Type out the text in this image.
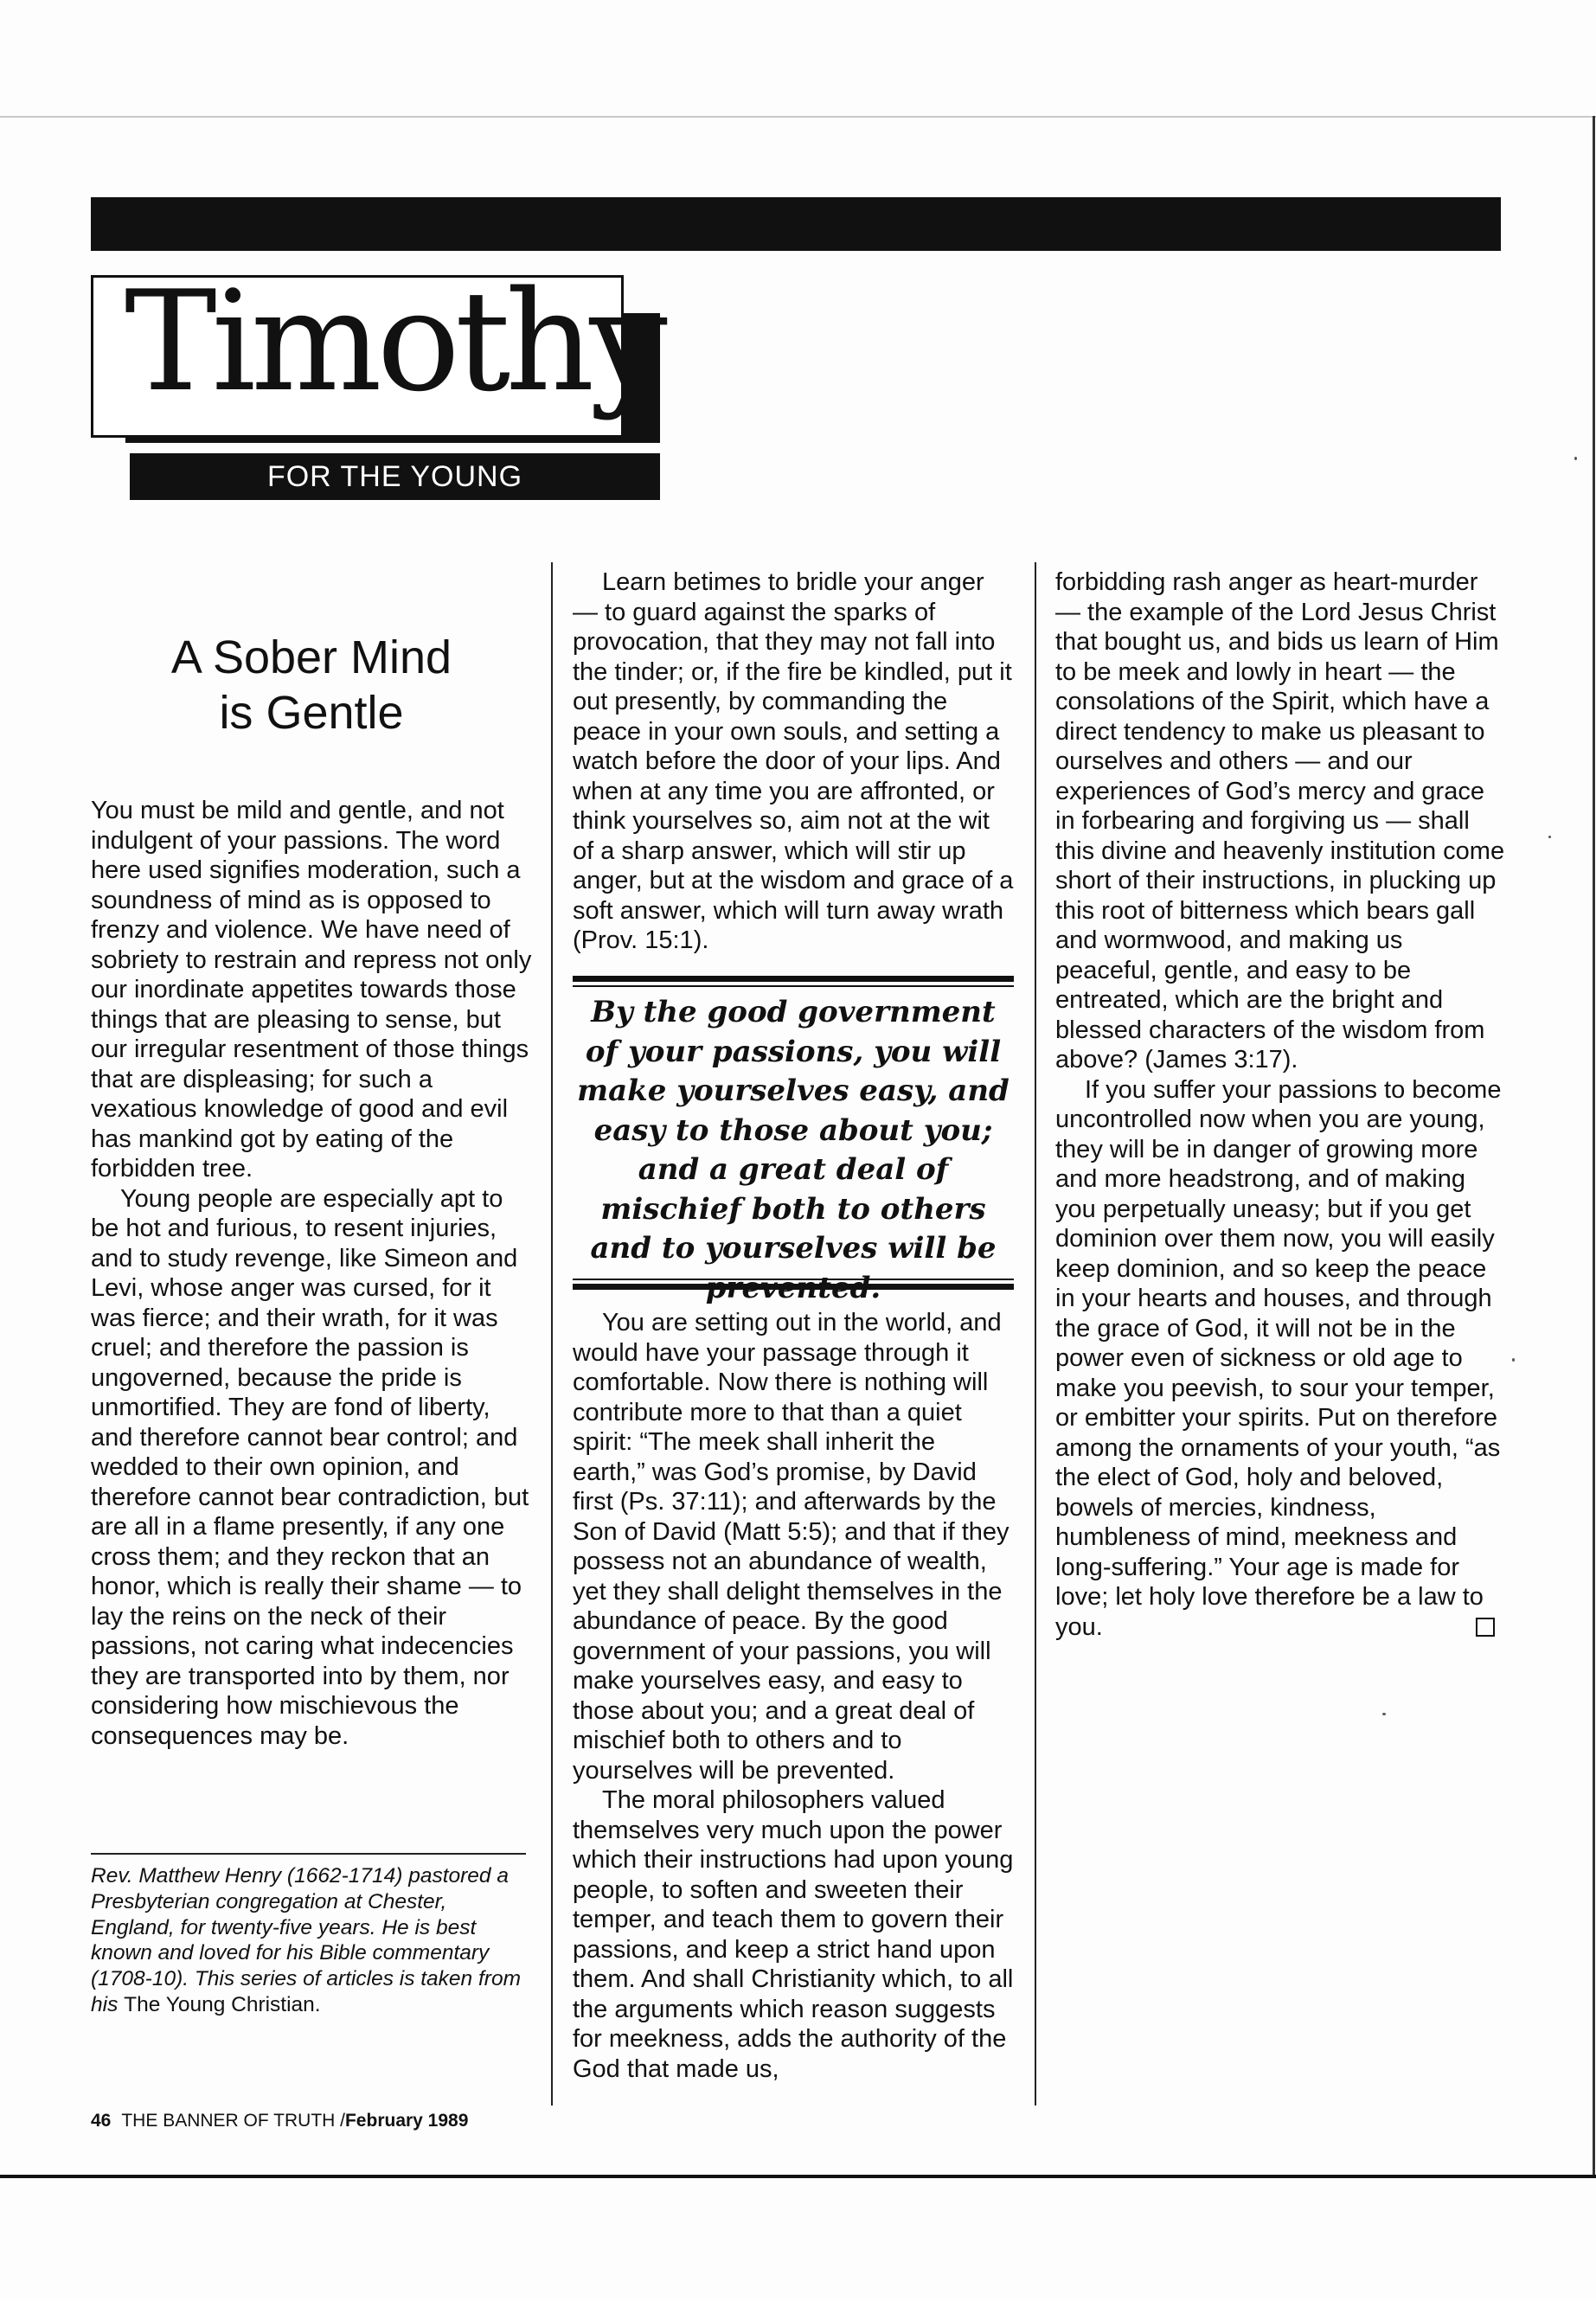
Timothy
FOR THE YOUNG
A Sober Mind
is Gentle

You must be mild and gentle, and not indulgent of your passions. The word here used signifies moderation, such a soundness of mind as is opposed to frenzy and violence. We have need of sobriety to restrain and repress not only our inordinate appetites towards those things that are pleasing to sense, but our irregular resentment of those things that are displeasing; for such a vexatious knowledge of good and evil has mankind got by eating of the forbidden tree.

Young people are especially apt to be hot and furious, to resent injuries, and to study revenge, like Simeon and Levi, whose anger was cursed, for it was fierce; and their wrath, for it was cruel; and therefore the passion is ungoverned, because the pride is unmortified. They are fond of liberty, and therefore cannot bear control; and wedded to their own opinion, and therefore cannot bear contradiction, but are all in a flame presently, if any one cross them; and they reckon that an honor, which is really their shame — to lay the reins on the neck of their passions, not caring what indecencies they are transported into by them, nor considering how mischievous the consequences may be.

Learn betimes to bridle your anger — to guard against the sparks of provocation, that they may not fall into the tinder; or, if the fire be kindled, put it out presently, by commanding the peace in your own souls, and setting a watch before the door of your lips. And when at any time you are affronted, or think yourselves so, aim not at the wit of a sharp answer, which will stir up anger, but at the wisdom and grace of a soft answer, which will turn away wrath (Prov. 15:1).

By the good government of your passions, you will make yourselves easy, and easy to those about you; and a great deal of mischief both to others and to yourselves will be

You are setting out in the world, and would have your passage through it comfortable. Now there is nothing will contribute more to that than a quiet spirit: “The meek shall inherit the earth,” was God’s promise, by David first (Ps. 37:11); and afterwards by the Son of David (Matt 5:5); and that if they possess not an abundance of wealth, yet they shall delight themselves in the abundance of peace. By the good government of your passions, you will make yourselves easy, and easy to those about you; and a great deal of mischief both to others and to yourselves will be prevented.

The moral philosophers valued themselves very much upon the power which their instructions had upon young people, to soften and sweeten their temper, and teach them to govern their passions, and keep a strict hand upon them. And shall Christianity which, to all the arguments which reason suggests for meekness, adds the authority of the God that made us,

forbidding rash anger as heart-murder — the example of the Lord Jesus Christ that bought us, and bids us learn of Him to be meek and lowly in heart — the consolations of the Spirit, which have a direct tendency to make us pleasant to ourselves and others — and our experiences of God’s mercy and grace in forbearing and forgiving us — shall this divine and heavenly institution come short of their instructions, in plucking up this root of bitterness which bears gall and wormwood, and making us peaceful, gentle, and easy to be entreated, which are the bright and blessed characters of the wisdom from above? (James 3:17).

If you suffer your passions to become uncontrolled now when you are young, they will be in danger of growing more and more headstrong, and of making you perpetually uneasy; but if you get dominion over them now, you will easily keep dominion, and so keep the peace in your hearts and houses, and through the grace of God, it will not be in the power even of sickness or old age to make you peevish, to sour your temper, or embitter your spirits. Put on therefore among the ornaments of your youth, “as the elect of God, holy and beloved, bowels of mercies, kindness, humbleness of mind, meekness and long-suffering.” Your age is made for love; let holy love therefore be a law to you.

Rev. Matthew Henry (1662-1714) pastored a Presbyterian congregation at Chester, England, for twenty-five years. He is best known and loved for his Bible commentary (1708-10). This series of articles is taken from his The Young Christian.
46 THE BANNER OF TRUTH /February 1989
